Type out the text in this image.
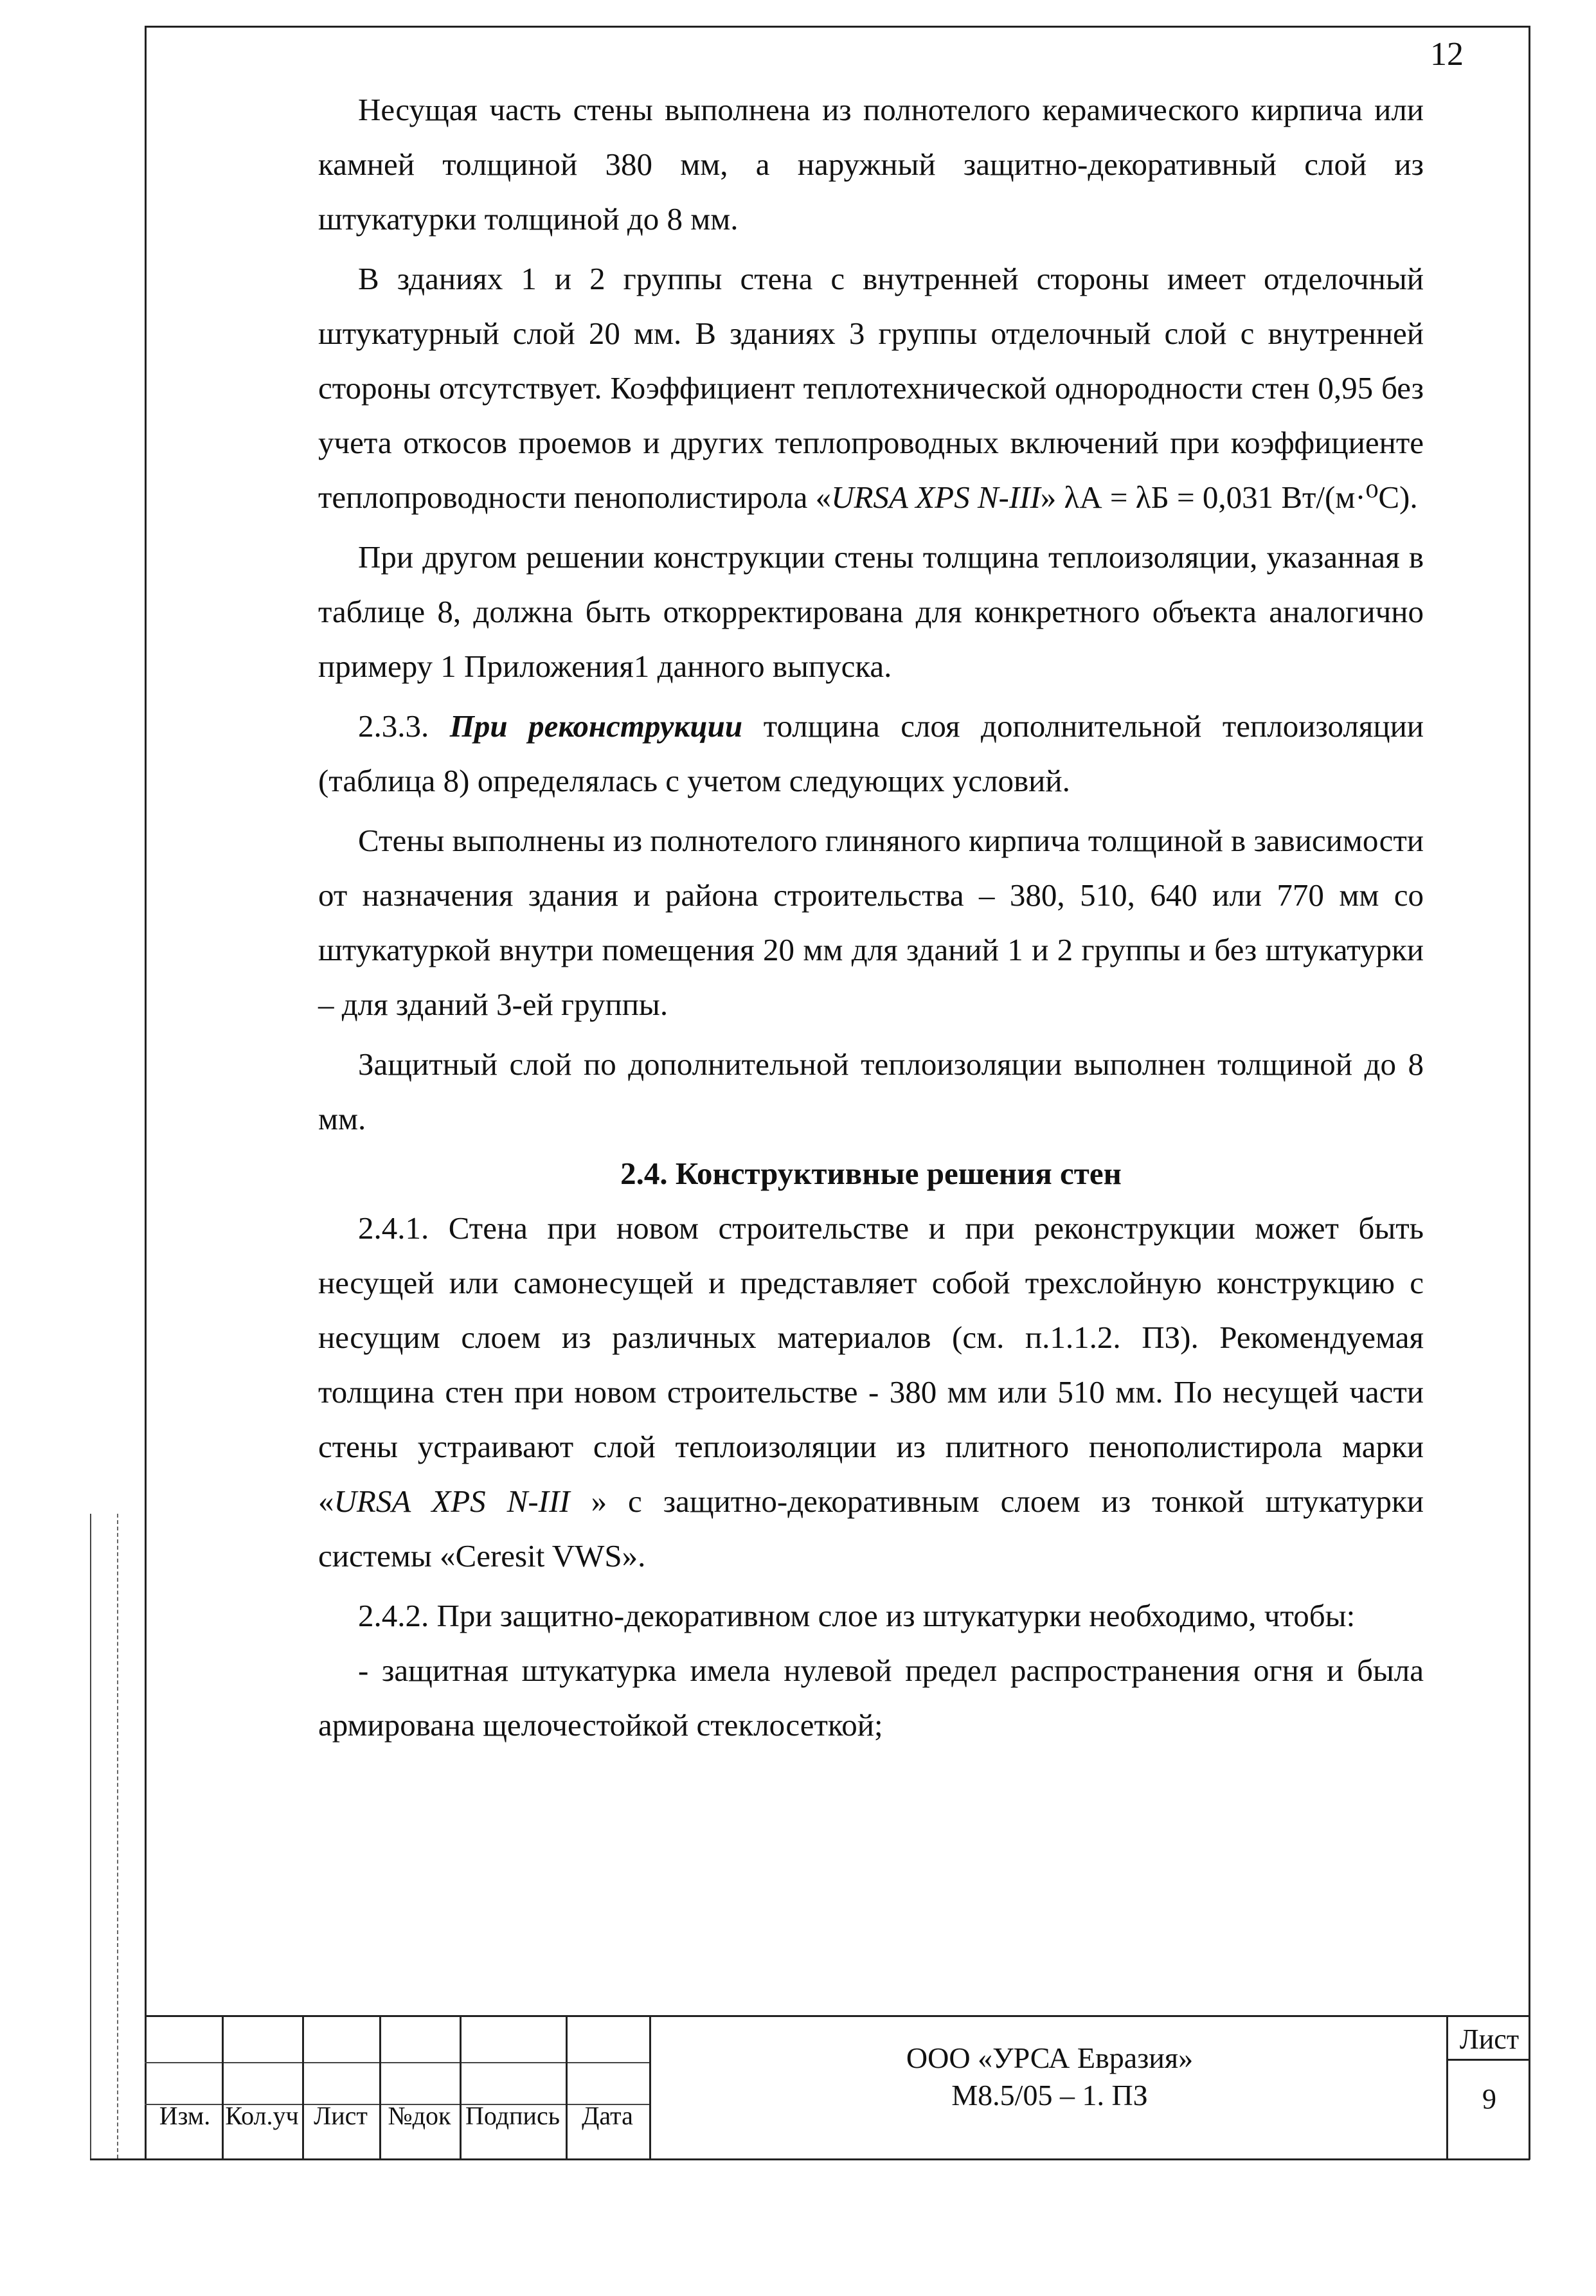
12

Несущая часть стены выполнена из полнотелого керамического кирпича или камней толщиной 380 мм, а наружный защитно-декоративный слой из штукатурки толщиной до 8 мм.

В зданиях 1 и 2 группы стена с внутренней стороны имеет отделочный штукатурный слой 20 мм. В зданиях 3 группы отделочный слой с внутренней стороны отсутствует. Коэффициент теплотехнической однородности стен 0,95 без учета откосов проемов и других теплопроводных включений при коэффициенте теплопроводности пенополистирола «URSA XPS N-III» λА = λБ = 0,031 Вт/(м·⁰С).

При другом решении конструкции стены толщина теплоизоляции, указанная в таблице 8, должна быть откорректирована для конкретного объекта аналогично примеру 1 Приложения1 данного выпуска.

2.3.3. При реконструкции толщина слоя дополнительной теплоизоляции (таблица 8) определялась с учетом следующих условий.

Стены выполнены из полнотелого глиняного кирпича толщиной в зависимости от назначения здания и района строительства – 380, 510, 640 или 770 мм со штукатуркой внутри помещения 20 мм для зданий 1 и 2 группы и без штукатурки – для зданий 3-ей группы.

Защитный слой по дополнительной теплоизоляции выполнен толщиной до 8 мм.

2.4. Конструктивные решения стен

2.4.1. Стена при новом строительстве и при реконструкции может быть несущей или самонесущей и представляет собой трехслойную конструкцию с несущим слоем из различных материалов (см. п.1.1.2. ПЗ). Рекомендуемая толщина стен при новом строительстве - 380 мм или 510 мм. По несущей части стены устраивают слой теплоизоляции из плитного пенополистирола марки «URSA XPS N-III » с защитно-декоративным слоем из тонкой штукатурки системы «Ceresit VWS».

2.4.2. При защитно-декоративном слое из штукатурки необходимо, чтобы:

- защитная штукатурка имела нулевой предел распространения огня и была армирована щелочестойкой стеклосеткой;

Изм. Кол.уч Лист №док Подпись Дата
ООО «УРСА Евразия»
М8.5/05 – 1. ПЗ
Лист
9
